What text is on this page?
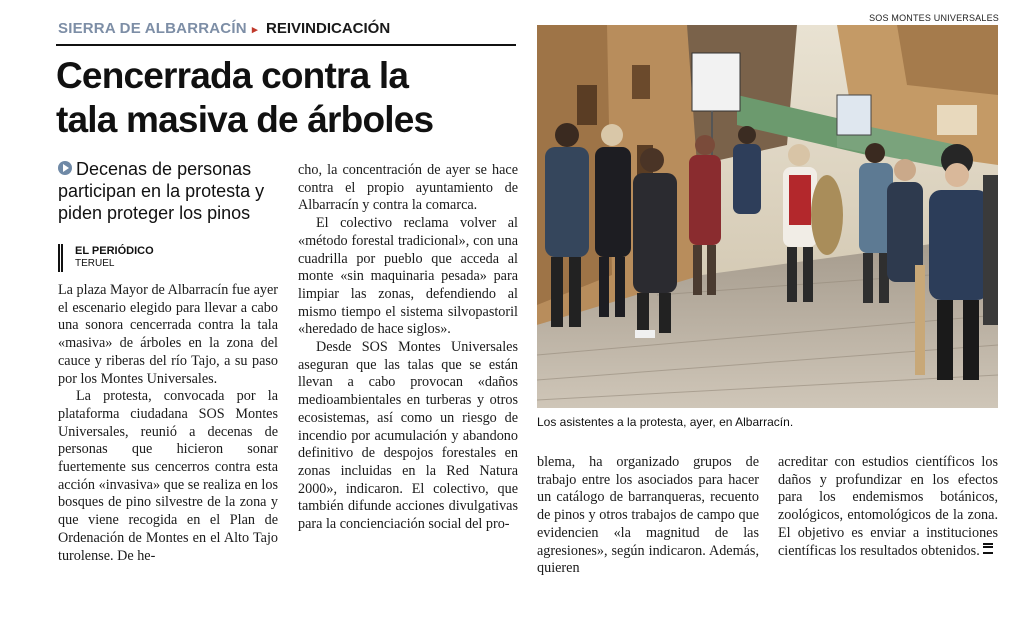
SOS MONTES UNIVERSALES
SIERRA DE ALBARRACÍN ▸ REIVINDICACIÓN
Cencerrada contra la
tala masiva de árboles
Decenas de personas participan en la protesta y piden proteger los pinos
EL PERIÓDICO
TERUEL

La plaza Mayor de Albarracín fue ayer el escenario elegido para llevar a cabo una sonora cencerrada contra la tala «masiva» de árboles en la zona del cauce y riberas del río Tajo, a su paso por los Montes Universales.

La protesta, convocada por la plataforma ciudadana SOS Montes Universales, reunió a decenas de personas que hicieron sonar fuertemente sus cencerros contra esta acción «invasiva» que se realiza en los bosques de pino silvestre de la zona y que viene recogida en el Plan de Ordenación de Montes en el Alto Tajo turolense. De he-

cho, la concentración de ayer se hace contra el propio ayuntamiento de Albarracín y contra la comarca.

El colectivo reclama volver al «método forestal tradicional», con una cuadrilla por pueblo que acceda al monte «sin maquinaria pesada» para limpiar las zonas, defendiendo al mismo tiempo el sistema silvopastoril «heredado de hace siglos».

Desde SOS Montes Universales aseguran que las talas que se están llevan a cabo provocan «daños medioambientales en turberas y otros ecosistemas, así como un riesgo de incendio por acumulación y abandono definitivo de despojos forestales en zonas incluidas en la Red Natura 2000», indicaron. El colectivo, que también difunde acciones divulgativas para la concienciación social del pro-

Los asistentes a la protesta, ayer, en Albarracín.

blema, ha organizado grupos de trabajo entre los asociados para hacer un catálogo de barranqueras, recuento de pinos y otros trabajos de campo que evidencien «la magnitud de las agresiones», según indicaron. Además, quieren

acreditar con estudios científicos los daños y profundizar en los efectos para los endemismos botánicos, zoológicos, entomológicos de la zona. El objetivo es enviar a instituciones científicas los resultados obtenidos.
